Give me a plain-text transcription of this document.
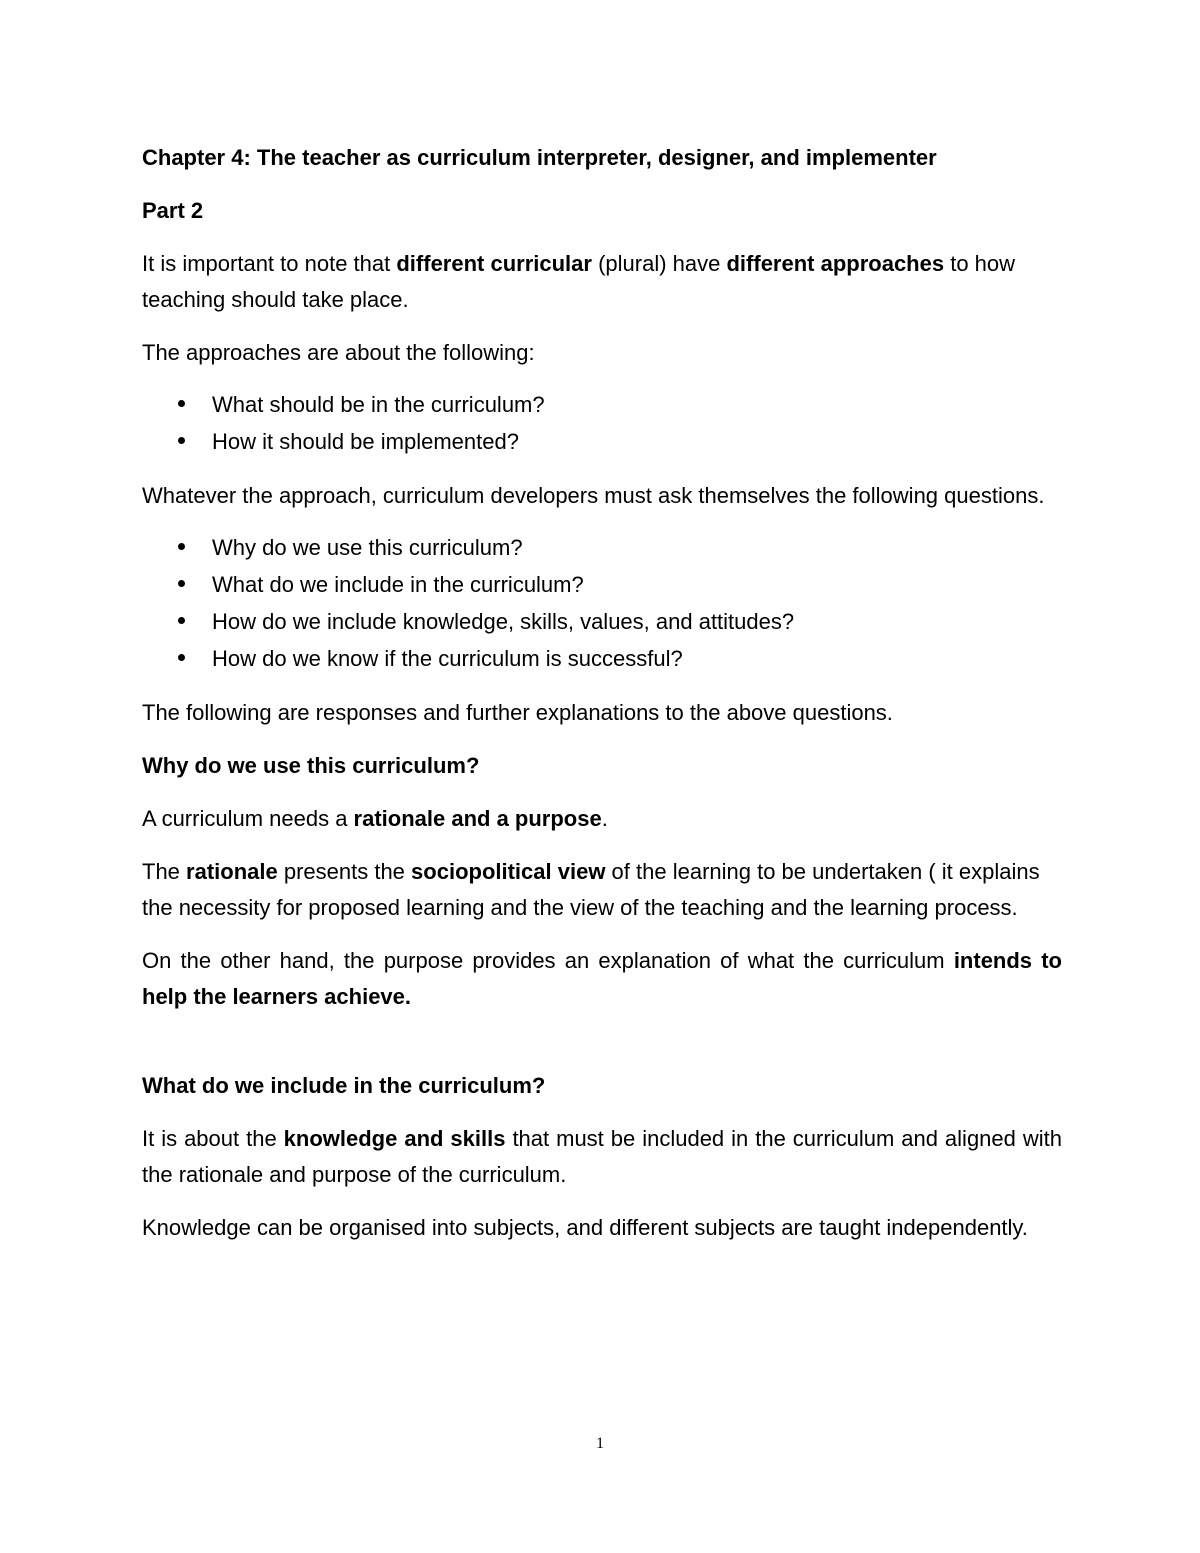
Chapter 4: The teacher as curriculum interpreter, designer, and implementer

Part 2

It is important to note that different curricular (plural) have different approaches to how teaching should take place.

The approaches are about the following:

What should be in the curriculum?
How it should be implemented?

Whatever the approach, curriculum developers must ask themselves the following questions.

Why do we use this curriculum?
What do we include in the curriculum?
How do we include knowledge, skills, values, and attitudes?
How do we know if the curriculum is successful?

The following are responses and further explanations to the above questions.

Why do we use this curriculum?

A curriculum needs a rationale and a purpose.

The rationale presents the sociopolitical view of the learning to be undertaken ( it explains the necessity for proposed learning and the view of the teaching and the learning process.

On the other hand, the purpose provides an explanation of what the curriculum intends to help the learners achieve.

What do we include in the curriculum?

It is about the knowledge and skills that must be included in the curriculum and aligned with the rationale and purpose of the curriculum.

Knowledge can be organised into subjects, and different subjects are taught independently.

1
